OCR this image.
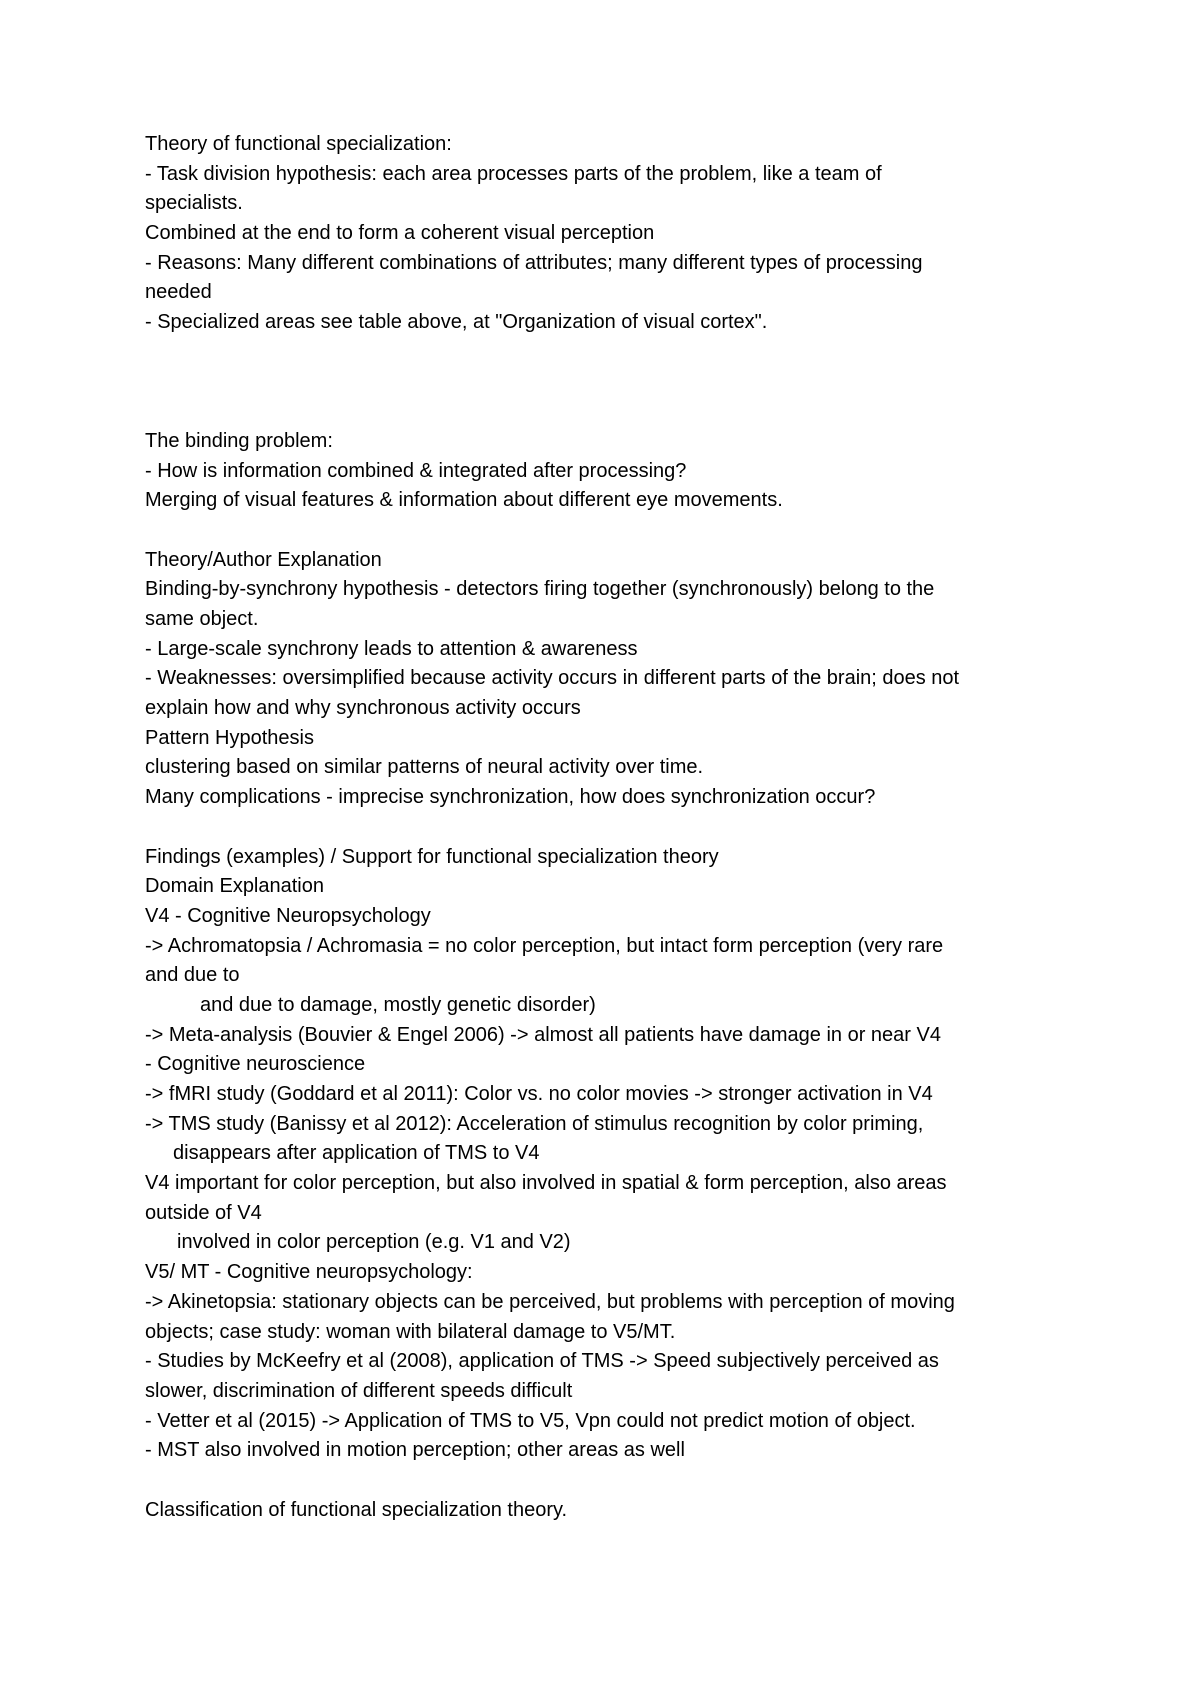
Theory of functional specialization:
- Task division hypothesis: each area processes parts of the problem, like a team of
specialists.
Combined at the end to form a coherent visual perception
- Reasons: Many different combinations of attributes; many different types of processing
needed
- Specialized areas see table above, at "Organization of visual cortex".
The binding problem:
- How is information combined & integrated after processing?
Merging of visual features & information about different eye movements.
Theory/Author Explanation
Binding-by-synchrony hypothesis - detectors firing together (synchronously) belong to the
same object.
- Large-scale synchrony leads to attention & awareness
- Weaknesses: oversimplified because activity occurs in different parts of the brain; does not
explain how and why synchronous activity occurs
Pattern Hypothesis
clustering based on similar patterns of neural activity over time.
Many complications - imprecise synchronization, how does synchronization occur?
Findings (examples) / Support for functional specialization theory
Domain Explanation
V4 - Cognitive Neuropsychology
-> Achromatopsia / Achromasia = no color perception, but intact form perception (very rare
and due to
and due to damage, mostly genetic disorder)
-> Meta-analysis (Bouvier & Engel 2006) -> almost all patients have damage in or near V4
- Cognitive neuroscience
-> fMRI study (Goddard et al 2011): Color vs. no color movies -> stronger activation in V4
-> TMS study (Banissy et al 2012): Acceleration of stimulus recognition by color priming,
disappears after application of TMS to V4
V4 important for color perception, but also involved in spatial & form perception, also areas
outside of V4
involved in color perception (e.g. V1 and V2)
V5/ MT - Cognitive neuropsychology:
-> Akinetopsia: stationary objects can be perceived, but problems with perception of moving
objects; case study: woman with bilateral damage to V5/MT.
- Studies by McKeefry et al (2008), application of TMS -> Speed subjectively perceived as
slower, discrimination of different speeds difficult
- Vetter et al (2015) -> Application of TMS to V5, Vpn could not predict motion of object.
- MST also involved in motion perception; other areas as well
Classification of functional specialization theory.
